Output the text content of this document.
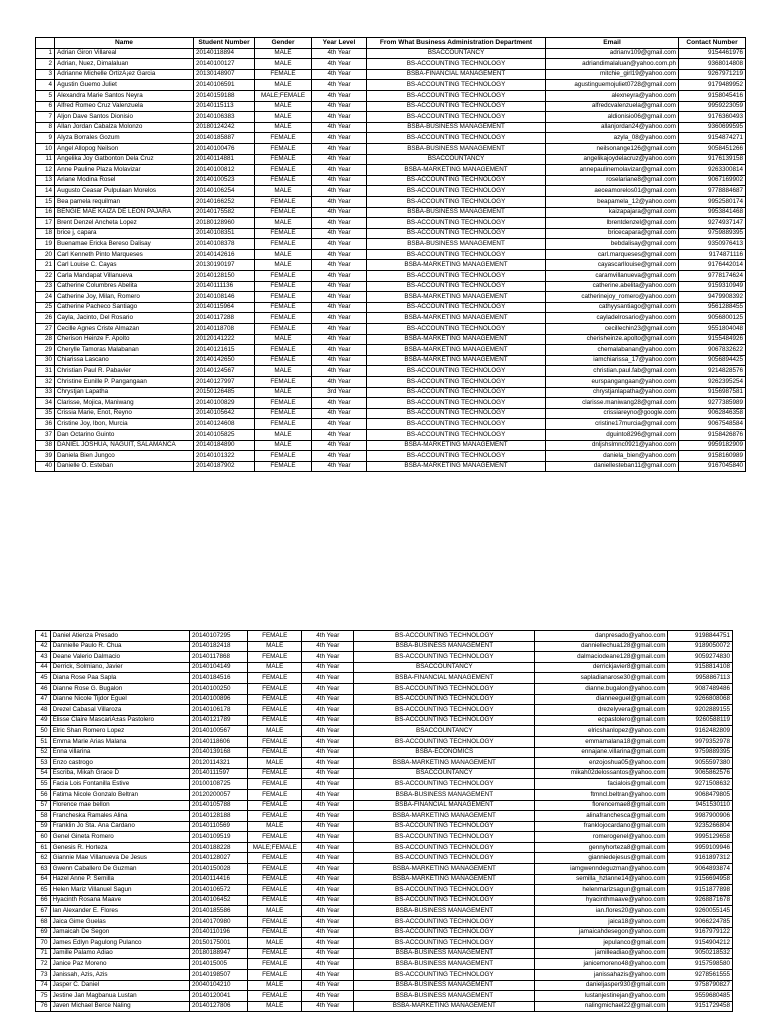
	Name	Student Number	Gender	Year Level	From What Business Administration Department	Email	Contact Number
1	Adrian Giron Villareal	20140118894	MALE	4th Year	BSACCOUNTANCY	adrianv109@gmail.com	9154461976
2	Adrian, Nuez, Dimalaluan	20140100127	MALE	4th Year	BS-ACCOUNTING TECHNOLOGY	adriandimalaluan@yahoo.com.ph	9368014808
3	Adrianne Michelle OrtizÃ¡ez Garcia	20130148907	FEMALE	4th Year	BSBA-FINANCIAL MANAGEMENT	mitchie_girl19@yahoo.com	9267971219
4	Agustin Guemo Juliet	20140106591	MALE	4th Year	BS-ACCOUNTING TECHNOLOGY	agustinguemojuliet0728@gmail.com	9179489952
5	Alexandra Marie Santos Neyra	20140159188	MALE;FEMALE	4th Year	BS-ACCOUNTING TECHNOLOGY	alexneyra@yahoo.com	9158045416
6	Alfred Romeo Cruz Valenzuela	20140115113	MALE	4th Year	BS-ACCOUNTING TECHNOLOGY	alfredcvalenzuela@gmail.com	9959223059
7	Aljon Dave Santos Dionisio	20140106383	MALE	4th Year	BS-ACCOUNTING TECHNOLOGY	aldionisio06@gmail.com	9176360493
8	Allan Jordan Cabalza Molonzo	20180124242	MALE	4th Year	BSBA-BUSINESS MANAGEMENT	allanjordan24@yahoo.com	9360699595
9	Alyza Borrales Gozum	20140185887	FEMALE	4th Year	BS-ACCOUNTING TECHNOLOGY	azyla_08@yahoo.com	9154874271
10	Angel Allopog Neilson	20140100476	FEMALE	4th Year	BSBA-BUSINESS MANAGEMENT	neilsonange126@gmail.com	9058451266
11	Angelika Joy Gatbonton Dela Cruz	20140114881	FEMALE	4th Year	BSACCOUNTANCY	angelikajoydelacruz@yahoo.com	9176139158
12	Anne Pauline Plaza Molavizar	20140100812	FEMALE	4th Year	BSBA-MARKETING MANAGEMENT	annepaulinemolavizar@gmail.com	9263300814
13	Ariane Modina Rosel	20140100523	FEMALE	4th Year	BS-ACCOUNTING TECHNOLOGY	roselariane8@gmail.com	9067169902
14	Augusto Ceasar Pulpulaan Morelos	20140106254	MALE	4th Year	BS-ACCOUNTING TECHNOLOGY	aeceamorelos01@gmail.com	9778884687
15	Bea pamela requilman	20140166252	FEMALE	4th Year	BS-ACCOUNTING TECHNOLOGY	beapamela_12@yahoo.com	9952580174
16	BENGIE MAE KAIZA DE LEON PAJARA	20140175582	FEMALE	4th Year	BSBA-BUSINESS MANAGEMENT	kaizapajara@gmail.com	9953841468
17	Brent Denzel Ancheta Lopez	20180128960	MALE	4th Year	BS-ACCOUNTING TECHNOLOGY	lbrentdenzel@gmail.com	9274937147
18	brice j, capara	20140108351	FEMALE	4th Year	BS-ACCOUNTING TECHNOLOGY	bricecapara@gmail.com	9759889395
19	Buenamae Ericka Bereso Dalisay	20140108378	FEMALE	4th Year	BSBA-BUSINESS MANAGEMENT	bebdalisay@gmail.com	9350976413
20	Carl Kenneth Pinto Marqueses	20140142616	MALE	4th Year	BS-ACCOUNTING TECHNOLOGY	carl.marqueses@gmail.com	9174871116
21	Carl Louise C. Cayas	20130190197	MALE	4th Year	BSBA-MARKETING MANAGEMENT	cayascarllouise@gmail.com	9176442014
22	Carla Mandapat Villanueva	20140128150	FEMALE	4th Year	BS-ACCOUNTING TECHNOLOGY	caramvillanueva@gmail.com	9778174624
23	Catherine Columbres Abelita	20140111136	FEMALE	4th Year	BS-ACCOUNTING TECHNOLOGY	catherine.abelita@yahoo.com	9159310949
24	Catherine Joy, Milan, Romero	20140108146	FEMALE	4th Year	BSBA-MARKETING MANAGEMENT	catherinejoy_romero@yahoo.com	9479908392
25	Catherine Pacheco Santiago	20140115964	FEMALE	4th Year	BS-ACCOUNTING TECHNOLOGY	cathyysantiago@gmail.com	9561288455
26	Cayla, Jacinto, Del Rosario	20140117288	FEMALE	4th Year	BSBA-MARKETING MANAGEMENT	cayladelrosario@yahoo.com	9056800125
27	Cecille Agnes Criste Almazan	20140118708	FEMALE	4th Year	BS-ACCOUNTING TECHNOLOGY	cecillechin23@gmail.com	9551804048
28	Cherison Heinze F. Apolto	20120141222	MALE	4th Year	BSBA-MARKETING MANAGEMENT	cherisheinze.apolto@gmail.com	9155484926
29	Cherylle Tamoras Malabanan	20140121615	FEMALE	4th Year	BSBA-MARKETING MANAGEMENT	chemalabanan@yahoo.com	9067832622
30	Chiarissa Lascano	20140142650	FEMALE	4th Year	BSBA-MARKETING MANAGEMENT	iamchiarissa_17@yahoo.com	9056894425
31	Christian Paul R. Pabavier	20140124567	MALE	4th Year	BS-ACCOUNTING TECHNOLOGY	christian.paul.fab@gmail.com	9214828576
32	Christine Eunille P. Pangangaan	20140127997	FEMALE	4th Year	BS-ACCOUNTING TECHNOLOGY	eurspangangaan@yahoo.com	9262395254
33	Chrystjan Lapatha	20150126485	MALE	3rd Year	BS-ACCOUNTING TECHNOLOGY	chrystjanlapatha@yahoo.com	9156987581
34	Clarisse, Mojica, Maniwang	20140100829	FEMALE	4th Year	BS-ACCOUNTING TECHNOLOGY	clarisse.maniwang28@gmail.com	9277385989
35	Crissia Marie, Enot, Reyno	20140105642	FEMALE	4th Year	BS-ACCOUNTING TECHNOLOGY	crissiareyno@google.com	9062846358
36	Cristine Joy, Ibon, Murcia	20140124608	FEMALE	4th Year	BS-ACCOUNTING TECHNOLOGY	cristine17murcia@gmail.com	9067548584
37	Dan Octarino Guinto	20140105825	MALE	4th Year	BS-ACCOUNTING TECHNOLOGY	dguinto8296@gmail.com	9158426876
38	DANIEL JOSHUA, NAGUIT, SALAMANCA	20140184890	MALE	4th Year	BSBA-MARKETING MANAGEMENT	dnljshslmnc0921@yahoo.com	9959182909
39	Daniela Bien Jungco	20140101322	FEMALE	4th Year	BS-ACCOUNTING TECHNOLOGY	daniela_bien@yahoo.com	9158160989
40	Danielle O. Esteban	20140187902	FEMALE	4th Year	BSBA-MARKETING MANAGEMENT	daniellesteban11@gmail.com	9167045840
41	Daniel Atienza Presado	20140107295	FEMALE	4th Year	BS-ACCOUNTING TECHNOLOGY	danpresado@yahoo.com	9198844751
42	Dannielle Paulo R. Chua	20140182418	MALE	4th Year	BSBA-BUSINESS MANAGEMENT	danniellechua128@gmail.com	9189050072
43	Deane Valerio Dalmacio	20140117868	FEMALE	4th Year	BS-ACCOUNTING TECHNOLOGY	dalmaciodeane128@gmail.com	9059274830
44	Derrick, Solmiano, Javier	20140104149	MALE	4th Year	BSACCOUNTANCY	derrickjavier8@gmail.com	9158814108
45	Diana Rose Paa Sapla	20140184516	FEMALE	4th Year	BSBA-FINANCIAL MANAGEMENT	sapladianarose30@gmail.com	9958867113
46	Dianne Rose G. Bugalon	20140100250	FEMALE	4th Year	BS-ACCOUNTING TECHNOLOGY	dianne.bugalon@yahoo.com	9087489486
47	Dianne Nicole Tijdor Eguel	20140100896	FEMALE	4th Year	BS-ACCOUNTING TECHNOLOGY	dianneeguel@gmail.com	9266808068
48	Drezel Cabasal Villaroza	20140106178	FEMALE	4th Year	BS-ACCOUNTING TECHNOLOGY	drezelyvera@gmail.com	9202889155
49	Elisse Claire MascariÃ±as Pastolero	20140121789	FEMALE	4th Year	BS-ACCOUNTING TECHNOLOGY	ecpastolero@gmail.com	9260588119
50	Elric Shan Romero Lopez	20140100567	MALE	4th Year	BSACCOUNTANCY	elricshanlopez@yahoo.com	9162482809
51	Emma Marie Arias Malana	20140118606	FEMALE	4th Year	BS-ACCOUNTING TECHNOLOGY	emmamalana18@gmail.com	9979352978
52	Enna villarina	20140139168	FEMALE	4th Year	BSBA-ECONOMICS	ennajane.villarina@gmail.com	9759889395
53	Enzo castrogo	20120114321	MALE	4th Year	BSBA-MARKETING MANAGEMENT	enzojoshua05@yahoo.com	9055597380
54	Escriba, Mikah Grace D	20140111597	FEMALE	4th Year	BSACCOUNTANCY	mikah02delossantos@yahoo.com	9065862576
55	Facia Lois Fontanilla Estive	20100108725	FEMALE	4th Year	BS-ACCOUNTING TECHNOLOGY	facialois@gmail.com	9271508632
56	Fatima Nicole Gonzalo Beltran	20120200057	FEMALE	4th Year	BSBA-BUSINESS MANAGEMENT	ftmncl.beltran@yahoo.com	9068479805
57	Florence mae bellon	20140105788	FEMALE	4th Year	BSBA-FINANCIAL MANAGEMENT	florencemae8@gmail.com	9451530110
58	Francheska Ramales Alina	20140128188	FEMALE	4th Year	BSBA-MARKETING MANAGEMENT	alinafranchesca@gmail.com	9987900906
59	Franklin Jo Sta. Ana Cardano	20140110569	MALE	4th Year	BS-ACCOUNTING TECHNOLOGY	franklojocardano@gmail.com	9235266804
60	Genel Gineta Romero	20140109519	FEMALE	4th Year	BS-ACCOUNTING TECHNOLOGY	romerogenel@yahoo.com	9995129658
61	Genesis R. Horteza	20140188228	MALE;FEMALE	4th Year	BS-ACCOUNTING TECHNOLOGY	gennyhorteza8@gmail.com	9959109946
62	Giannie Mae Villanueva De Jesus	20140128027	FEMALE	4th Year	BS-ACCOUNTING TECHNOLOGY	gianniedejesus@gmail.com	9161897312
63	Gwenn Caballero De Guzman	20140150028	FEMALE	4th Year	BSBA-MARKETING MANAGEMENT	iamgwenndeguzman@yahoo.com	9064893874
64	Hazel Anne P. Semilla	20140114416	FEMALE	4th Year	BSBA-MARKETING MANAGEMENT	semilla_hzlanne14@yahoo.com	9156694958
65	Helen Mariz Villanuel Sagun	20140106572	FEMALE	4th Year	BS-ACCOUNTING TECHNOLOGY	helenmarizsagun@gmail.com	9151877898
66	Hyacinth Rosana Maave	20140106452	FEMALE	4th Year	BS-ACCOUNTING TECHNOLOGY	hyacinthmaave@yahoo.com	9268871678
67	Ian Alexander E. Flores	20140185586	MALE	4th Year	BSBA-BUSINESS MANAGEMENT	ian.flores20@yahoo.com	9260055145
68	Jaica Gime Guelas	20140170980	FEMALE	4th Year	BS-ACCOUNTING TECHNOLOGY	jaica18@yahoo.com	9066224785
69	Jamaicah De Segon	20140110196	FEMALE	4th Year	BS-ACCOUNTING TECHNOLOGY	jamaicahdesegon@yahoo.com	9167979122
70	James Edlyn Pagulong Pulanco	20150175001	MALE	4th Year	BS-ACCOUNTING TECHNOLOGY	jepulanco@gmail.com	9154904212
71	Jamille Palamo Adiao	20180188947	FEMALE	4th Year	BSBA-BUSINESS MANAGEMENT	jamilleadiao@yahoo.com	9050218532
72	Janice Paz Moreno	2014015005	FEMALE	4th Year	BSBA-BUSINESS MANAGEMENT	janicemoreno48@yahoo.com	9157598580
73	Janissah, Azis, Azis	20140198507	FEMALE	4th Year	BS-ACCOUNTING TECHNOLOGY	janissahazis@yahoo.com	9278561555
74	Jasper C. Daniel	20040104210	MALE	4th Year	BSBA-BUSINESS MANAGEMENT	danieljasper930@gmail.com	9758790827
75	Jestine Jan Magbanua Lustan	20140120041	FEMALE	4th Year	BSBA-BUSINESS MANAGEMENT	lustanjestinejan@yahoo.com	9559680485
76	Javen Michael Berce Naling	20140127806	MALE	4th Year	BSBA-MARKETING MANAGEMENT	nalingmichael22@gmail.com	9151729458
